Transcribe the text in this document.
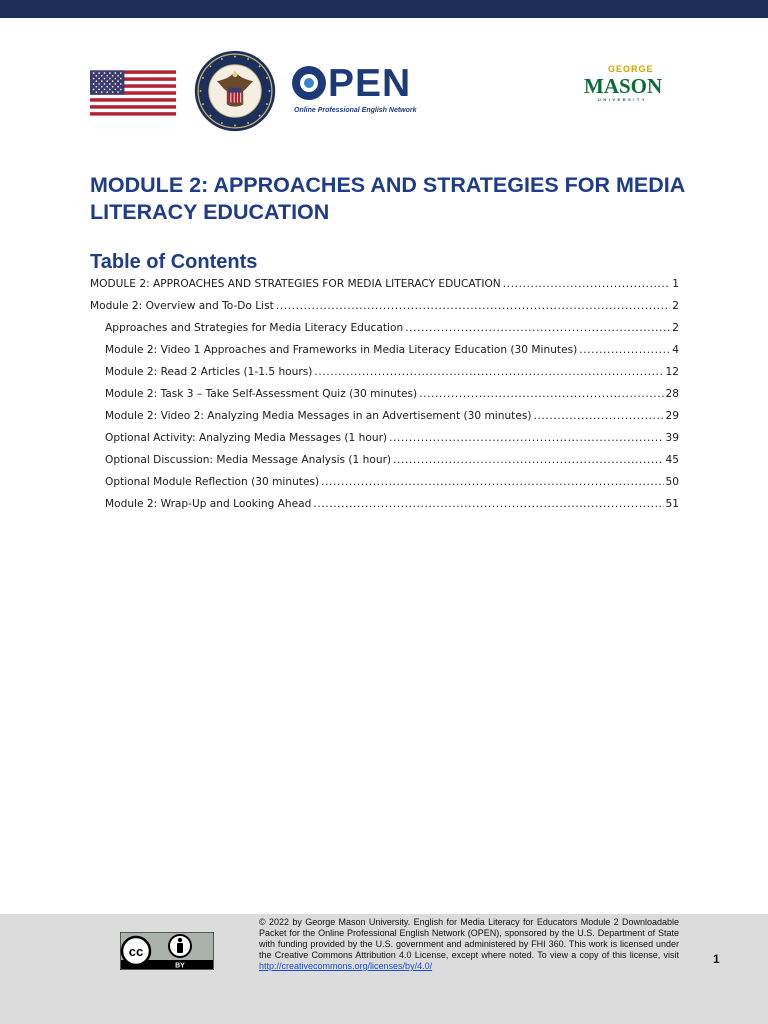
PEN
Online Professional English Network
GEORGE
MASON
UNIVERSITY
MODULE 2: APPROACHES AND STRATEGIES FOR MEDIA LITERACY EDUCATION
Table of Contents
MODULE 2: APPROACHES AND STRATEGIES FOR MEDIA LITERACY EDUCATION .....	1
Module 2: Overview and To-Do List .....	2
Approaches and Strategies for Media Literacy Education .....	2
Module 2: Video 1 Approaches and Frameworks in Media Literacy Education (30 Minutes) .....	4
Module 2: Read 2 Articles (1-1.5 hours) .....	12
Module 2: Task 3 – Take Self-Assessment Quiz (30 minutes) .....	28
Module 2: Video 2: Analyzing Media Messages in an Advertisement (30 minutes) .....	29
Optional Activity: Analyzing Media Messages (1 hour) .....	39
Optional Discussion: Media Message Analysis (1 hour) .....	45
Optional Module Reflection (30 minutes) .....	50
Module 2: Wrap-Up and Looking Ahead .....	51
cc
BY

© 2022 by George Mason University. English for Media Literacy for Educators Module 2 Downloadable Packet for the Online Professional English Network (OPEN), sponsored by the U.S. Department of State with funding provided by the U.S. government and administered by FHI 360. This work is licensed under the Creative Commons Attribution 4.0 License, except where noted. To view a copy of this license, visit http://creativecommons.org/licenses/by/4.0/	1
